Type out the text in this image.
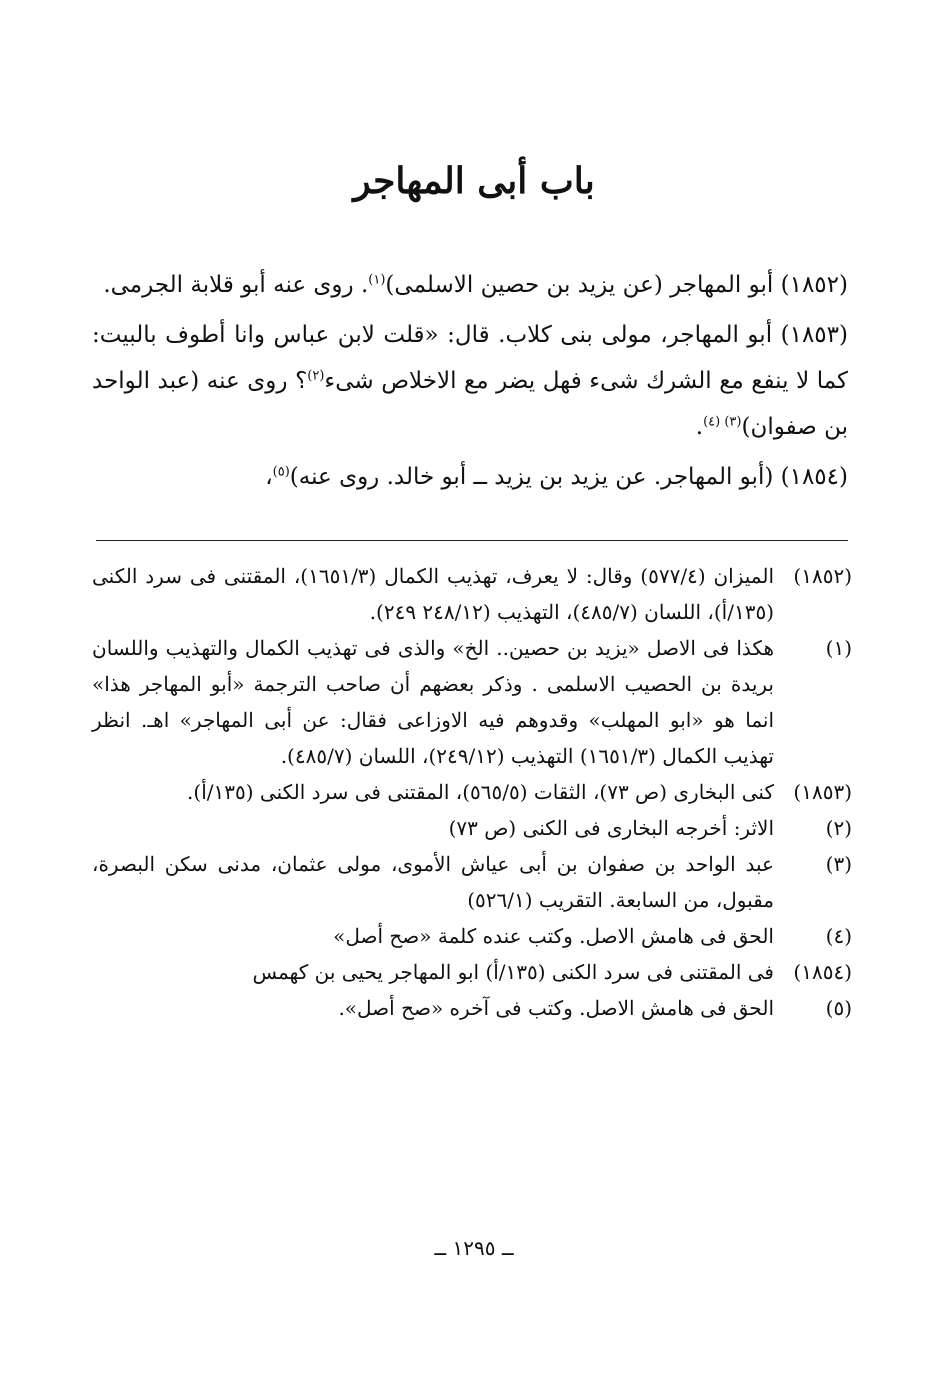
باب أبى المهاجر

(١٨٥٢) أبو المهاجر (عن يزيد بن حصين الاسلمى)$^{(١)}$. روى عنه أبو قلابة الجرمى.

(١٨٥٣) أبو المهاجر، مولى بنى كلاب. قال: «قلت لابن عباس وانا أطوف بالبيت: كما لا ينفع مع الشرك شىء فهل يضر مع الاخلاص شىء$^{(٢)}$؟ روى عنه (عبد الواحد بن صفوان)$^{(٣) (٤)}$.

(١٨٥٤) (أبو المهاجر. عن يزيد بن يزيد ــ أبو خالد. روى عنه)$^{(٥)}$،

(١٨٥٢)
الميزان (٥٧٧/٤) وقال: لا يعرف، تهذيب الكمال (١٦٥١/٣)، المقتنى فى سرد الكنى (١٣٥/أ)، اللسان (٤٨٥/٧)، التهذيب (٢٤٨/١٢ ٢٤٩).
(١)
هكذا فى الاصل «يزيد بن حصين.. الخ» والذى فى تهذيب الكمال والتهذيب واللسان بريدة بن الحصيب الاسلمى . وذكر بعضهم أن صاحب الترجمة «أبو المهاجر هذا» انما هو «ابو المهلب» وقدوهم فيه الاوزاعى فقال: عن أبى المهاجر» اهـ. انظر تهذيب الكمال (١٦٥١/٣) التهذيب (٢٤٩/١٢)، اللسان (٤٨٥/٧).
(١٨٥٣)
كنى البخارى (ص ٧٣)، الثقات (٥٦٥/٥)، المقتنى فى سرد الكنى (١٣٥/أ).
(٢)
الاثر: أخرجه البخارى فى الكنى (ص ٧٣)
(٣)
عبد الواحد بن صفوان بن أبى عياش الأموى، مولى عثمان، مدنى سكن البصرة، مقبول، من السابعة. التقريب (٥٢٦/١)
(٤)
الحق فى هامش الاصل. وكتب عنده كلمة «صح أصل»
(١٨٥٤)
فى المقتنى فى سرد الكنى (١٣٥/أ) ابو المهاجر يحيى بن كهمس
(٥)
الحق فى هامش الاصل. وكتب فى آخره «صح أصل».
ــ ١٢٩٥ ــ
